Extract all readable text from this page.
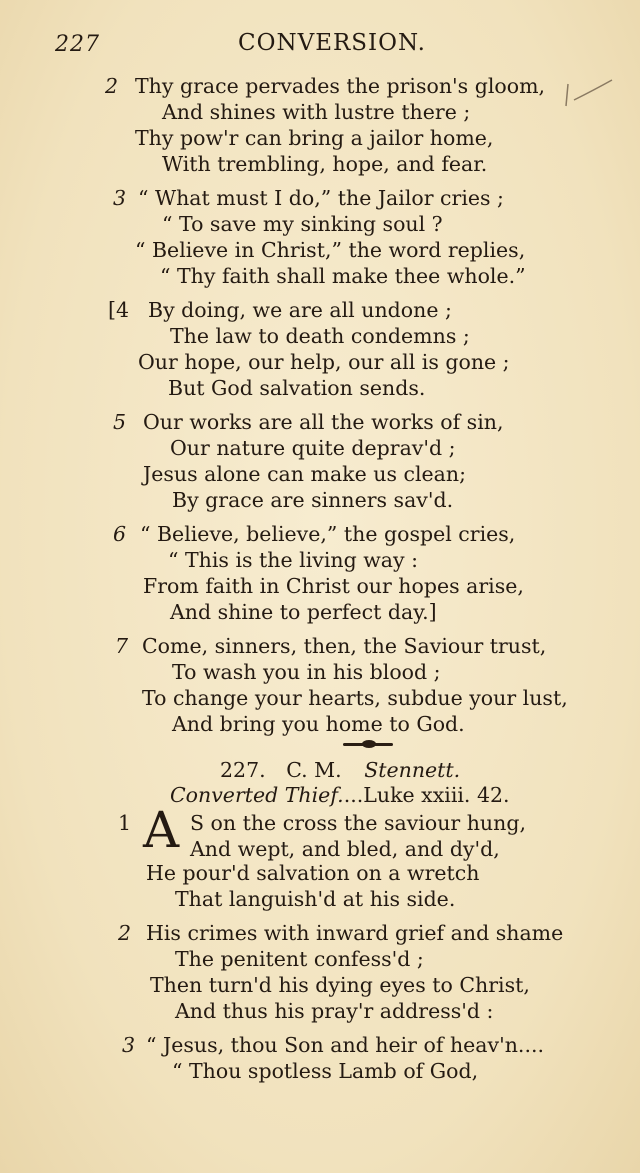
227	CONVERSION.
2 Thy grace pervades the prison's gloom,
And shines with lustre there ;
Thy pow'r can bring a jailor home,
With trembling, hope, and fear.
3 “ What must I do,” the Jailor cries ;
“ To save my sinking soul ?
“ Believe in Christ,” the word replies,
“ Thy faith shall make thee whole.”
[4 By doing, we are all undone ;
The law to death condemns ;
Our hope, our help, our all is gone ;
But God salvation sends.
5 Our works are all the works of sin,
Our nature quite deprav'd ;
Jesus alone can make us clean;
By grace are sinners sav'd.
6 “ Believe, believe,” the gospel cries,
“ This is the living way :
From faith in Christ our hopes arise,
And shine to perfect day.]
7 Come, sinners, then, the Saviour trust,
To wash you in his blood ;
To change your hearts, subdue your lust,
And bring you home to God.
227. C. M. Stennett.
Converted Thief....Luke xxiii. 42.
1 A S on the cross the saviour hung,
And wept, and bled, and dy'd,
He pour'd salvation on a wretch
That languish'd at his side.
2 His crimes with inward grief and shame
The penitent confess'd ;
Then turn'd his dying eyes to Christ,
And thus his pray'r address'd :
3 “ Jesus, thou Son and heir of heav'n....
“ Thou spotless Lamb of God,
